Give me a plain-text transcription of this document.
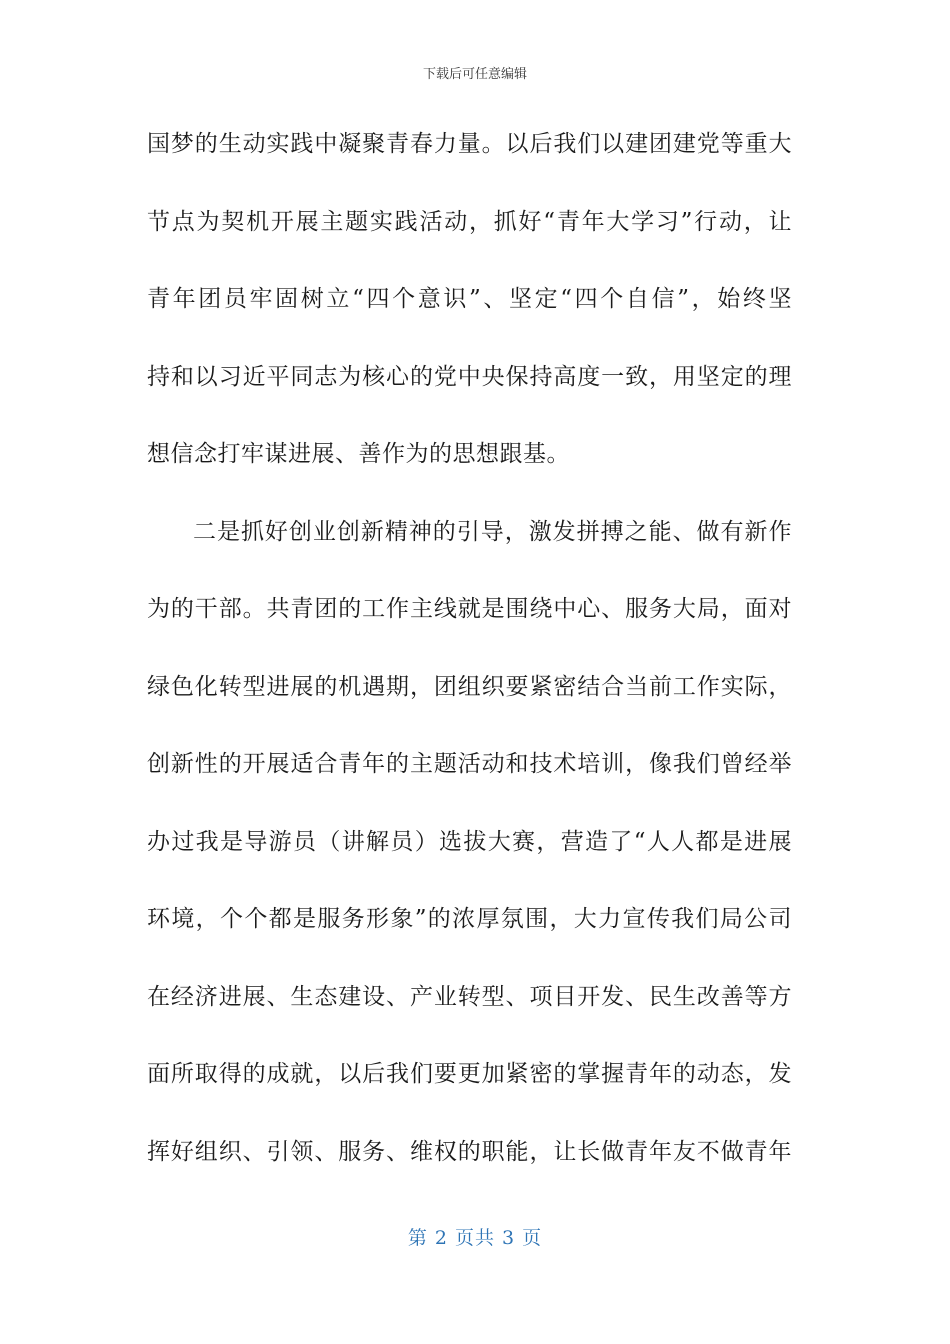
下载后可任意编辑
国梦的生动实践中凝聚青春力量。以后我们以建团建党等重大
节点为契机开展主题实践活动，抓好“青年大学习”行动，让
青年团员牢固树立“四个意识”、坚定“四个自信”，始终坚
持和以习近平同志为核心的党中央保持高度一致，用坚定的理
想信念打牢谋进展、善作为的思想跟基。
二是抓好创业创新精神的引导，激发拼搏之能、做有新作
为的干部。共青团的工作主线就是围绕中心、服务大局，面对
绿色化转型进展的机遇期，团组织要紧密结合当前工作实际，
创新性的开展适合青年的主题活动和技术培训，像我们曾经举
办过我是导游员（讲解员）选拔大赛，营造了“人人都是进展
环境，个个都是服务形象”的浓厚氛围，大力宣传我们局公司
在经济进展、生态建设、产业转型、项目开发、民生改善等方
面所取得的成就，以后我们要更加紧密的掌握青年的动态，发
挥好组织、引领、服务、维权的职能，让长做青年友不做青年
第 2 页共 3 页
